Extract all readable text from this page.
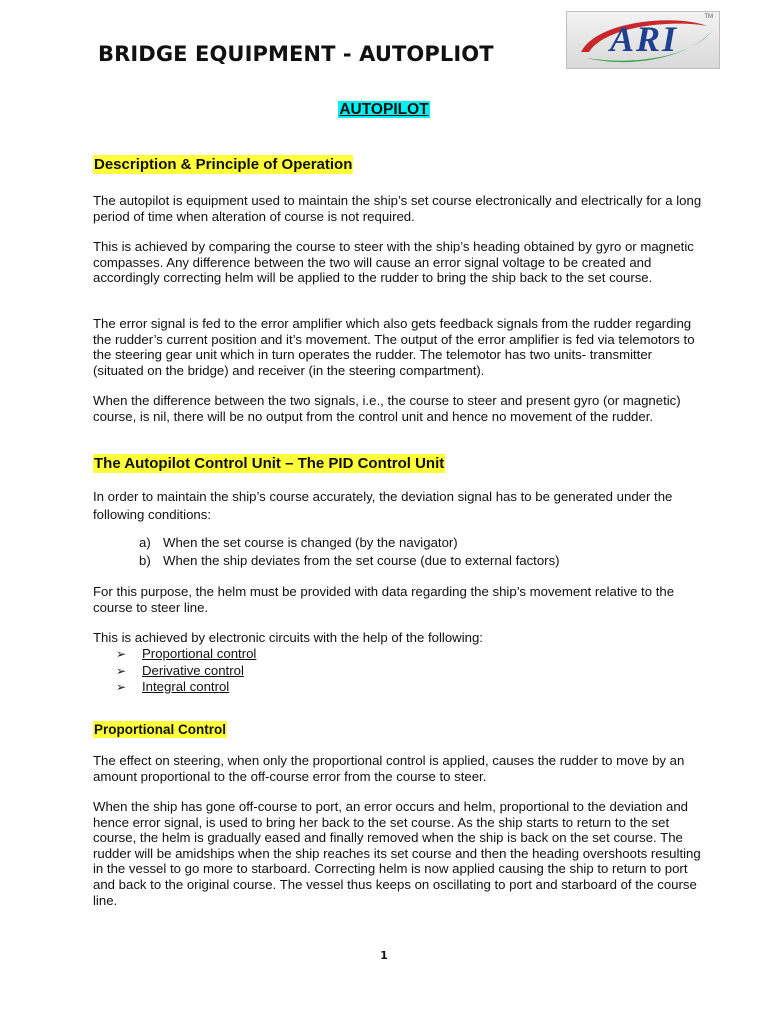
BRIDGE EQUIPMENT - AUTOPLIOT	ARI
TM
AUTOPILOT
Description & Principle of Operation

The autopilot is equipment used to maintain the ship’s set course electronically and electrically for a long period of time when alteration of course is not required.

This is achieved by comparing the course to steer with the ship’s heading obtained by gyro or magnetic compasses. Any difference between the two will cause an error signal voltage to be created and accordingly correcting helm will be applied to the rudder to bring the ship back to the set course.

The error signal is fed to the error amplifier which also gets feedback signals from the rudder regarding the rudder’s current position and it’s movement. The output of the error amplifier is fed via telemotors to the steering gear unit which in turn operates the rudder. The telemotor has two units- transmitter (situated on the bridge) and receiver (in the steering compartment).

When the difference between the two signals, i.e., the course to steer and present gyro (or magnetic) course, is nil, there will be no output from the control unit and hence no movement of the rudder.

The Autopilot Control Unit – The PID Control Unit

In order to maintain the ship’s course accurately, the deviation signal has to be generated under the following conditions:

a) When the set course is changed (by the navigator)
b) When the ship deviates from the set course (due to external factors)

For this purpose, the helm must be provided with data regarding the ship’s movement relative to the course to steer line.

This is achieved by electronic circuits with the help of the following:

➢ Proportional control
➢ Derivative control
➢ Integral control
Proportional Control

The effect on steering, when only the proportional control is applied, causes the rudder to move by an amount proportional to the off-course error from the course to steer.

When the ship has gone off-course to port, an error occurs and helm, proportional to the deviation and hence error signal, is used to bring her back to the set course. As the ship starts to return to the set course, the helm is gradually eased and finally removed when the ship is back on the set course. The rudder will be amidships when the ship reaches its set course and then the heading overshoots resulting in the vessel to go more to starboard. Correcting helm is now applied causing the ship to return to port and back to the original course. The vessel thus keeps on oscillating to port and starboard of the course line.

1
